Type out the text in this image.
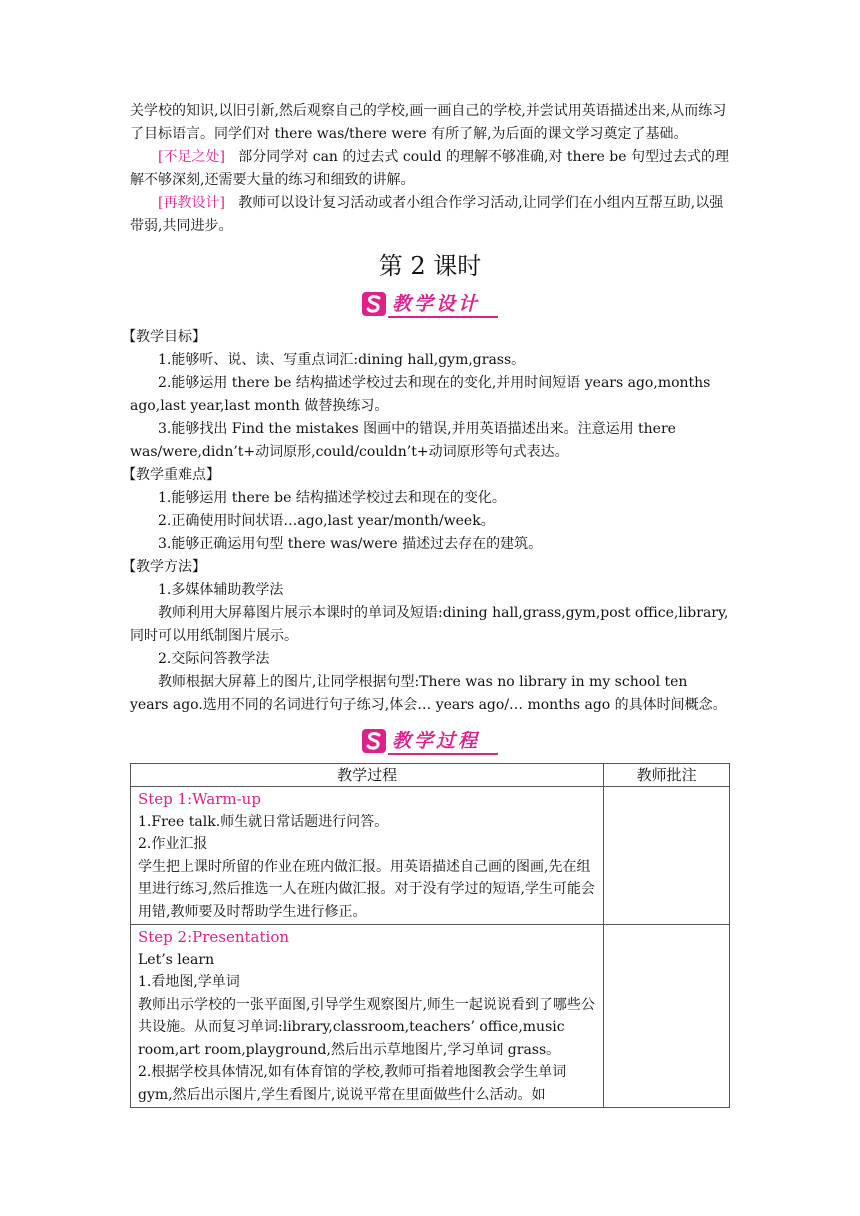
关学校的知识,以旧引新,然后观察自己的学校,画一画自己的学校,并尝试用英语描述出来,从而练习了目标语言。同学们对 there was/there were 有所了解,为后面的课文学习奠定了基础。

[不足之处] 部分同学对 can 的过去式 could 的理解不够准确,对 there be 句型过去式的理解不够深刻,还需要大量的练习和细致的讲解。

[再教设计] 教师可以设计复习活动或者小组合作学习活动,让同学们在小组内互帮互助,以强带弱,共同进步。

第 2 课时
教学设计

【教学目标】

1.能够听、说、读、写重点词汇:dining hall,gym,grass。

2.能够运用 there be 结构描述学校过去和现在的变化,并用时间短语 years ago,months ago,last year,last month 做替换练习。

3.能够找出 Find the mistakes 图画中的错误,并用英语描述出来。注意运用 there was/were,didn’t+动词原形,could/couldn’t+动词原形等句式表达。

【教学重难点】

1.能够运用 there be 结构描述学校过去和现在的变化。

2.正确使用时间状语…ago,last year/month/week。

3.能够正确运用句型 there was/were 描述过去存在的建筑。

【教学方法】

1.多媒体辅助教学法

教师利用大屏幕图片展示本课时的单词及短语:dining hall,grass,gym,post office,library,同时可以用纸制图片展示。

2.交际问答教学法

教师根据大屏幕上的图片,让同学根据句型:There was no library in my school ten years ago.选用不同的名词进行句子练习,体会… years ago/… months ago 的具体时间概念。

教学过程
教学过程	教师批注

Step 1:Warm-up

1.Free talk.师生就日常话题进行问答。

2.作业汇报

学生把上课时所留的作业在班内做汇报。用英语描述自己画的图画,先在组里进行练习,然后推选一人在班内做汇报。对于没有学过的短语,学生可能会用错,教师要及时帮助学生进行修正。	

Step 2:Presentation

Let’s learn

1.看地图,学单词

教师出示学校的一张平面图,引导学生观察图片,师生一起说说看到了哪些公共设施。从而复习单词:library,classroom,teachers’ office,music room,art room,playground,然后出示草地图片,学习单词 grass。

2.根据学校具体情况,如有体育馆的学校,教师可指着地图教会学生单词 gym,然后出示图片,学生看图片,说说平常在里面做些什么活动。如	
